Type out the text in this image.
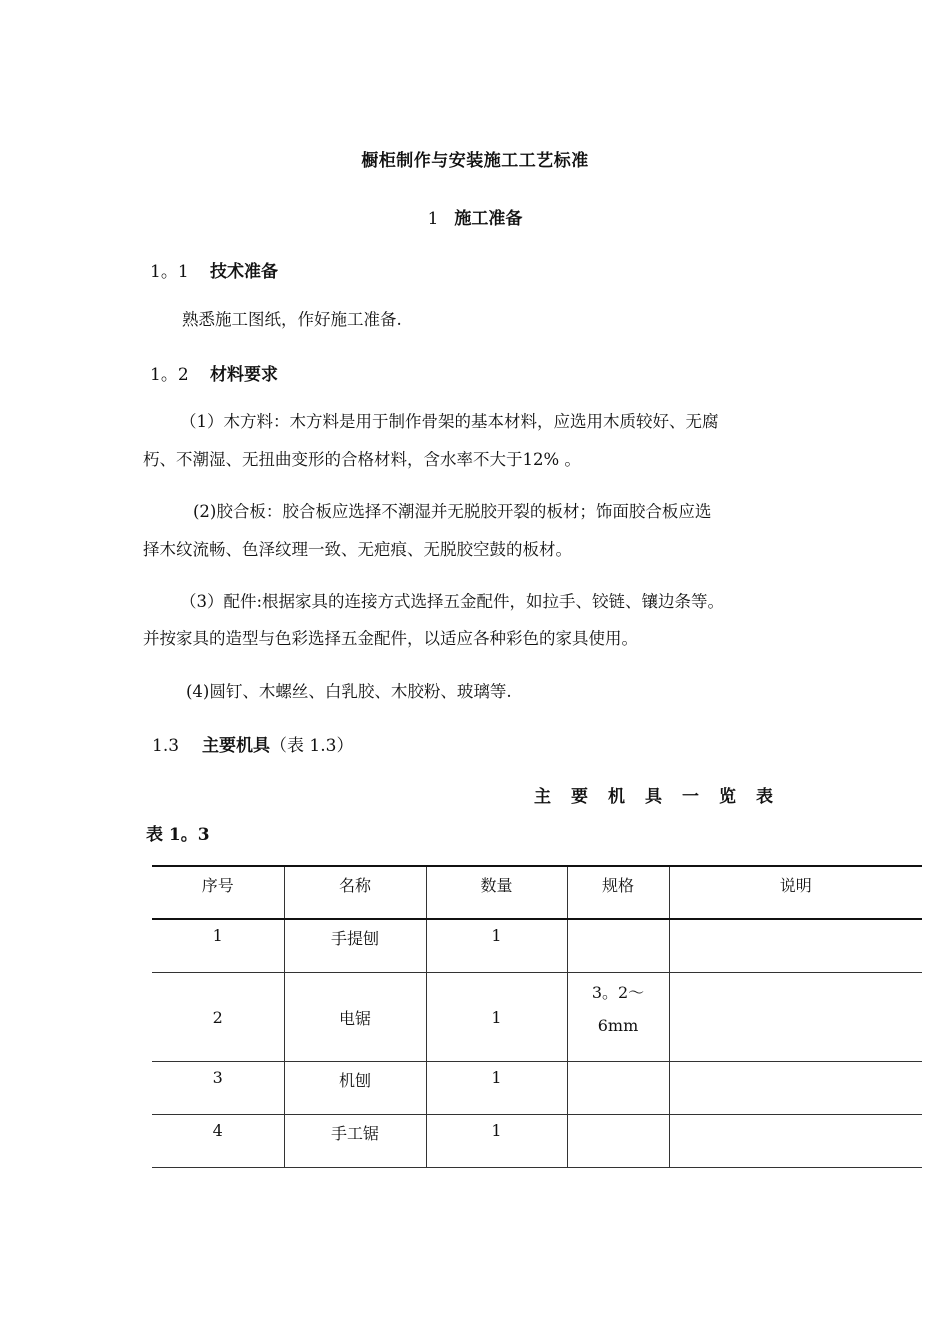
橱柜制作与安装施工工艺标准
1 施工准备
1。1 技术准备
熟悉施工图纸，作好施工准备.
1。2 材料要求
（1）木方料：木方料是用于制作骨架的基本材料，应选用木质较好、无腐
朽、不潮湿、无扭曲变形的合格材料，含水率不大于12% 。
(2)胶合板：胶合板应选择不潮湿并无脱胶开裂的板材；饰面胶合板应选
择木纹流畅、色泽纹理一致、无疤痕、无脱胶空鼓的板材。
（3）配件:根据家具的连接方式选择五金配件，如拉手、铰链、镶边条等。
并按家具的造型与色彩选择五金配件，以适应各种彩色的家具使用。
(4)圆钉、木螺丝、白乳胶、木胶粉、玻璃等.
1.3 主要机具（表 1.3）
主要机具一览表
表 1。3
序号	名称	数量	规格	说明
1	手提刨	1		
2	电锯	1	3。2～
6mm	

3	机刨	1		
4	手工锯	1		
